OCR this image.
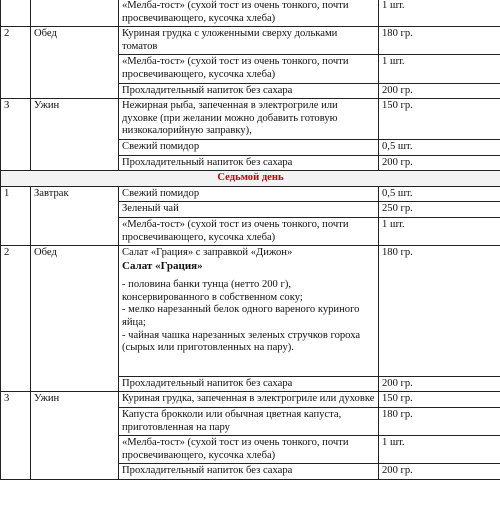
		«Мелба-тост» (сухой тост из очень тонкого, почти просвечивающего, кусочка хлеба)	1 шт.
2	Обед	Куриная грудка с уложенными сверху дольками томатов	180 гр.
		«Мелба-тост» (сухой тост из очень тонкого, почти просвечивающего, кусочка хлеба)	1 шт.
		Прохладительный напиток без сахара	200 гр.
3	Ужин	Нежирная рыба, запеченная в электрогриле или духовке (при желании можно добавить готовую низкокалорийную заправку),	150 гр.
		Свежий помидор	0,5 шт.
		Прохладительный напиток без сахара	200 гр.
Седьмой день			
1	Завтрак	Свежий помидор	0,5 шт.
		Зеленый чай	250 гр.
		«Мелба-тост» (сухой тост из очень тонкого, почти просвечивающего, кусочка хлеба)	1 шт.
2	Обед	Салат «Грация» с заправкой «Дижон»
Салат «Грация»

- половина банки тунца (нетто 200 г), консервированного в собственном соку;

- мелко нарезанный белок одного вареного куриного яйца;

- чайная чашка нарезанных зеленых стручков гороха (сырых или приготовленных на пару).	180 гр.
		Прохладительный напиток без сахара	200 гр.
3	Ужин	Куриная грудка, запеченная в электрогриле или духовке	150 гр.
		Капуста брокколи или обычная цветная капуста, приготовленная на пару	180 гр.
		«Мелба-тост» (сухой тост из очень тонкого, почти просвечивающего, кусочка хлеба)	1 шт.
		Прохладительный напиток без сахара	200 гр.
